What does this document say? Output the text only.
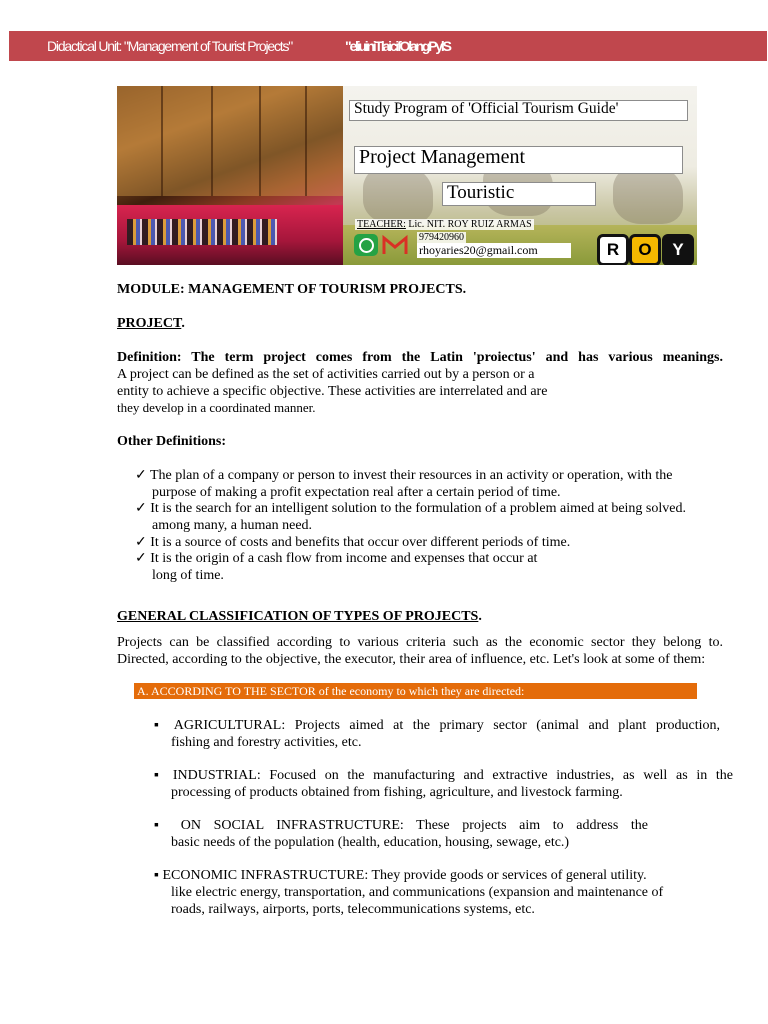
Didactical Unit: "Management of Tourist Projects"	"eliuiniTlaicifOlangPylS
Study Program of 'Official Tourism Guide'
Project Management
Touristic
TEACHER: Lic. NIT. ROY RUIZ ARMAS
979420960
rhoyaries20@gmail.com	R	O	Y
MODULE: MANAGEMENT OF TOURISM PROJECTS.
PROJECT.
Definition: The term project comes from the Latin 'proiectus' and has various meanings.
A project can be defined as the set of activities carried out by a person or a
entity to achieve a specific objective. These activities are interrelated and are
they develop in a coordinated manner.
Other Definitions:
GENERAL CLASSIFICATION OF TYPES OF PROJECTS.
Projects can be classified according to various criteria such as the economic sector they belong to.
Directed, according to the objective, the executor, their area of influence, etc. Let's look at some of them:
✓ The plan of a company or person to invest their resources in an activity or operation, with the
purpose of making a profit expectation real after a certain period of time.
✓ It is the search for an intelligent solution to the formulation of a problem aimed at being solved.
among many, a human need.
✓ It is a source of costs and benefits that occur over different periods of time.
✓ It is the origin of a cash flow from income and expenses that occur at
long of time.
A. ACCORDING TO THE SECTOR of the economy to which they are directed:
▪ AGRICULTURAL: Projects aimed at the primary sector (animal and plant production,
fishing and forestry activities, etc.
▪ INDUSTRIAL: Focused on the manufacturing and extractive industries, as well as in the
processing of products obtained from fishing, agriculture, and livestock farming.
▪ ON SOCIAL INFRASTRUCTURE: These projects aim to address the
basic needs of the population (health, education, housing, sewage, etc.)
▪ ECONOMIC INFRASTRUCTURE: They provide goods or services of general utility.
like electric energy, transportation, and communications (expansion and maintenance of
roads, railways, airports, ports, telecommunications systems, etc.
